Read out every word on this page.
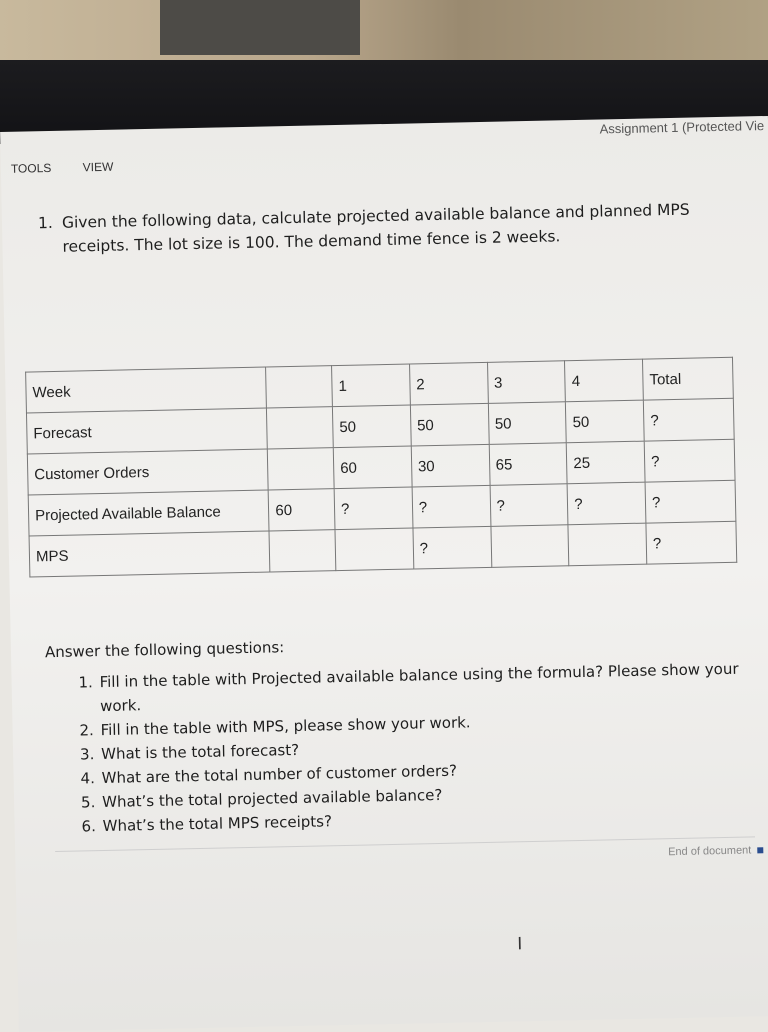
Assignment 1 (Protected Vie
TOOLS	VIEW
1. Given the following data, calculate projected available balance and planned MPS
receipts. The lot size is 100. The demand time fence is 2 weeks.
Week		1	2	3	4	Total
Forecast		50	50	50	50	?
Customer Orders		60	30	65	25	?
Projected Available Balance	60	?	?	?	?	?
MPS			?			?
Answer the following questions:
1. Fill in the table with Projected available balance using the formula? Please show your work.
2. Fill in the table with MPS, please show your work.
3. What is the total forecast?
4. What are the total number of customer orders?
5. What’s the total projected available balance?
6. What’s the total MPS receipts?
End of document
I
